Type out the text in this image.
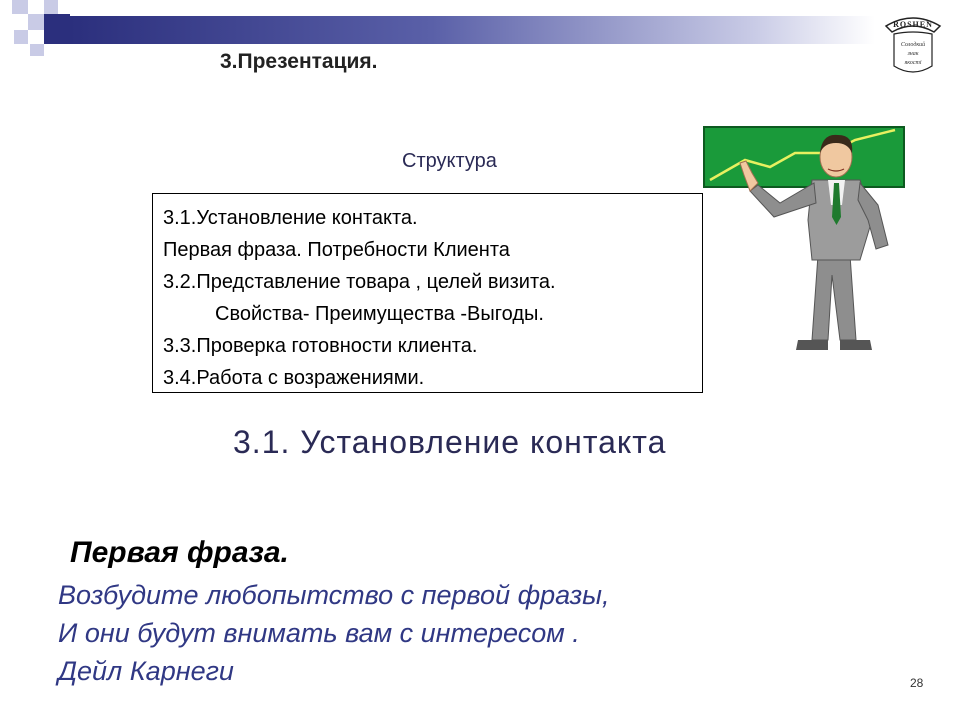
ROSHEN
Солодкий
знак
якості
3.Презентация.
Структура
3.1.Установление контакта.
Первая фраза. Потребности Клиента
3.2.Представление товара , целей визита.
Свойства- Преимущества -Выгоды.
3.3.Проверка готовности клиента.
3.4.Работа с возражениями.
3.1. Установление контакта
Первая фраза.
Возбудите любопытство с первой фразы,
И они будут внимать вам с интересом .
Дейл Карнеги	28
